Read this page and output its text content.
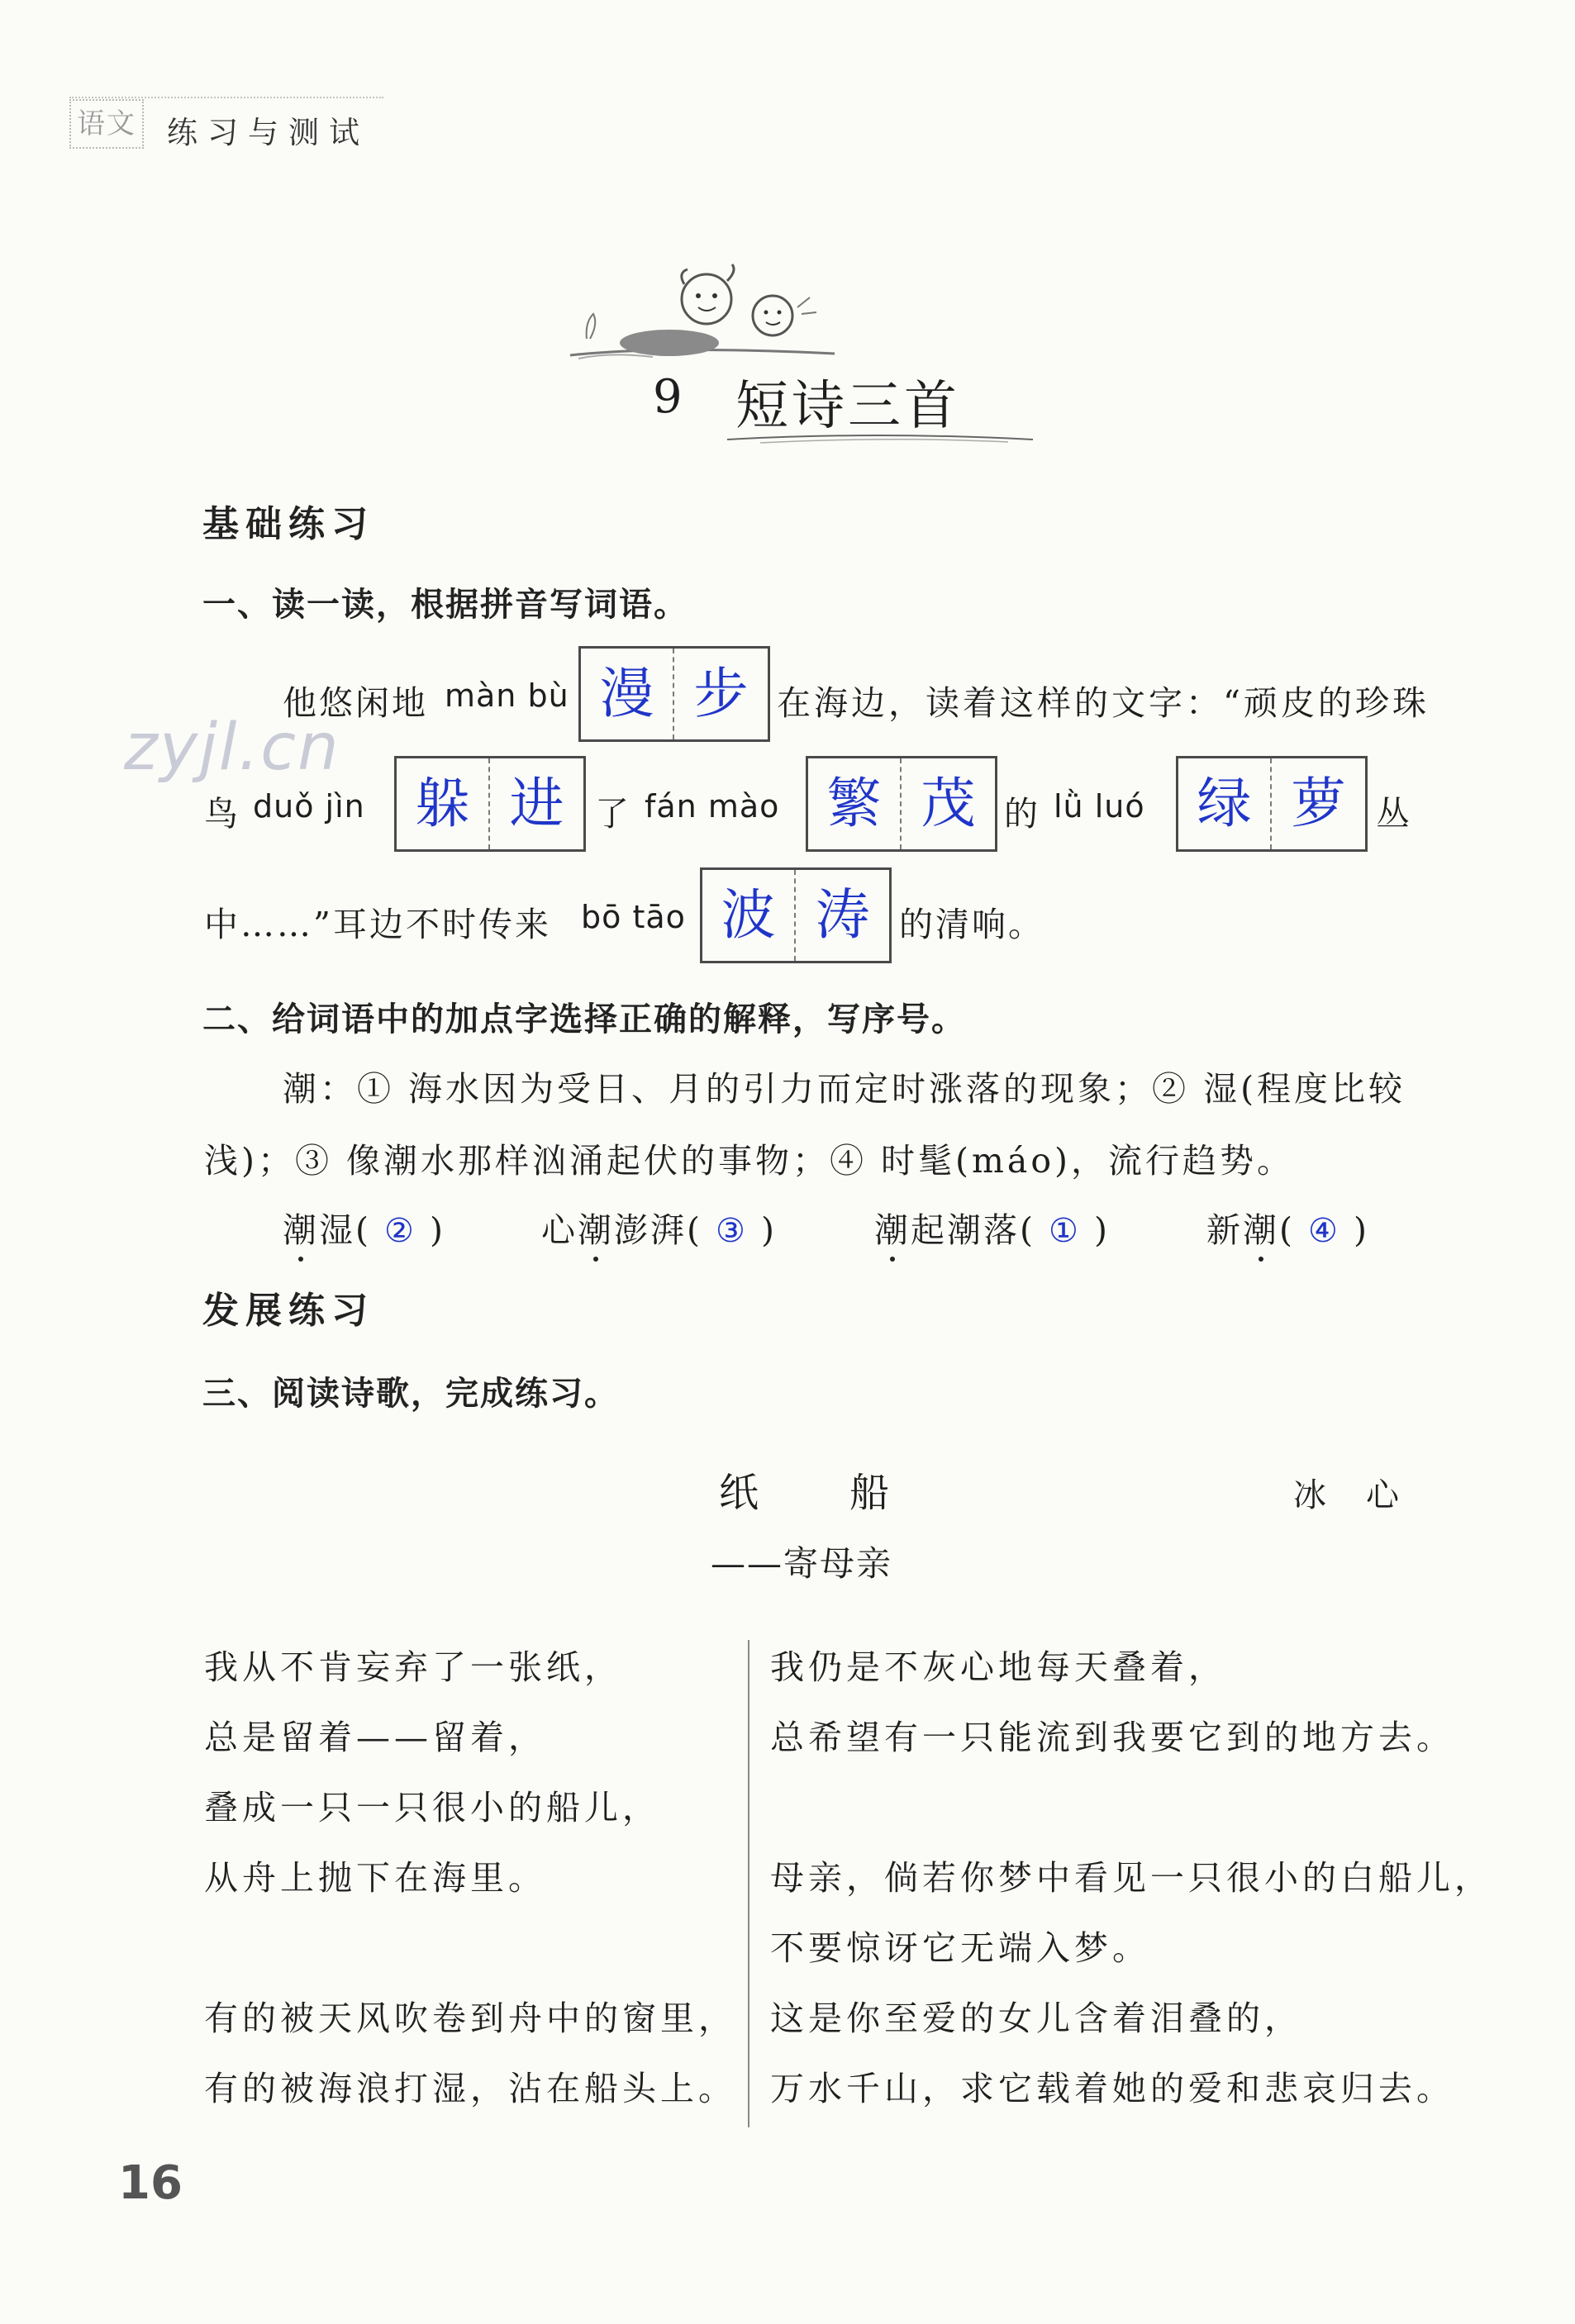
语文 练习与测试
9 短诗三首
基础练习
一、读一读，根据拼音写词语。
他悠闲地 màn bù 漫 步 在海边，读着这样的文字：“顽皮的珍珠
zyjl.cn
鸟 duǒ jìn 躲 进 了 fán mào 繁 茂 的 lǜ luó 绿 萝 丛
中……”耳边不时传来 bō tāo 波 涛 的清响。
二、给词语中的加点字选择正确的解释，写序号。
潮：① 海水因为受日、月的引力而定时涨落的现象；② 湿(程度比较
浅)；③ 像潮水那样汹涌起伏的事物；④ 时髦(máo)，流行趋势。
潮湿( ② )	心潮澎湃( ③ )	潮起潮落( ① )	新潮( ④ )
发展练习
三、阅读诗歌，完成练习。
纸船	冰心
——寄母亲
我从不肯妄弃了一张纸，
总是留着——留着，
叠成一只一只很小的船儿，
从舟上抛下在海里。
有的被天风吹卷到舟中的窗里，
有的被海浪打湿，沾在船头上。
我仍是不灰心地每天叠着，
总希望有一只能流到我要它到的地方去。
母亲，倘若你梦中看见一只很小的白船儿，
不要惊讶它无端入梦。
这是你至爱的女儿含着泪叠的，
万水千山，求它载着她的爱和悲哀归去。
16
